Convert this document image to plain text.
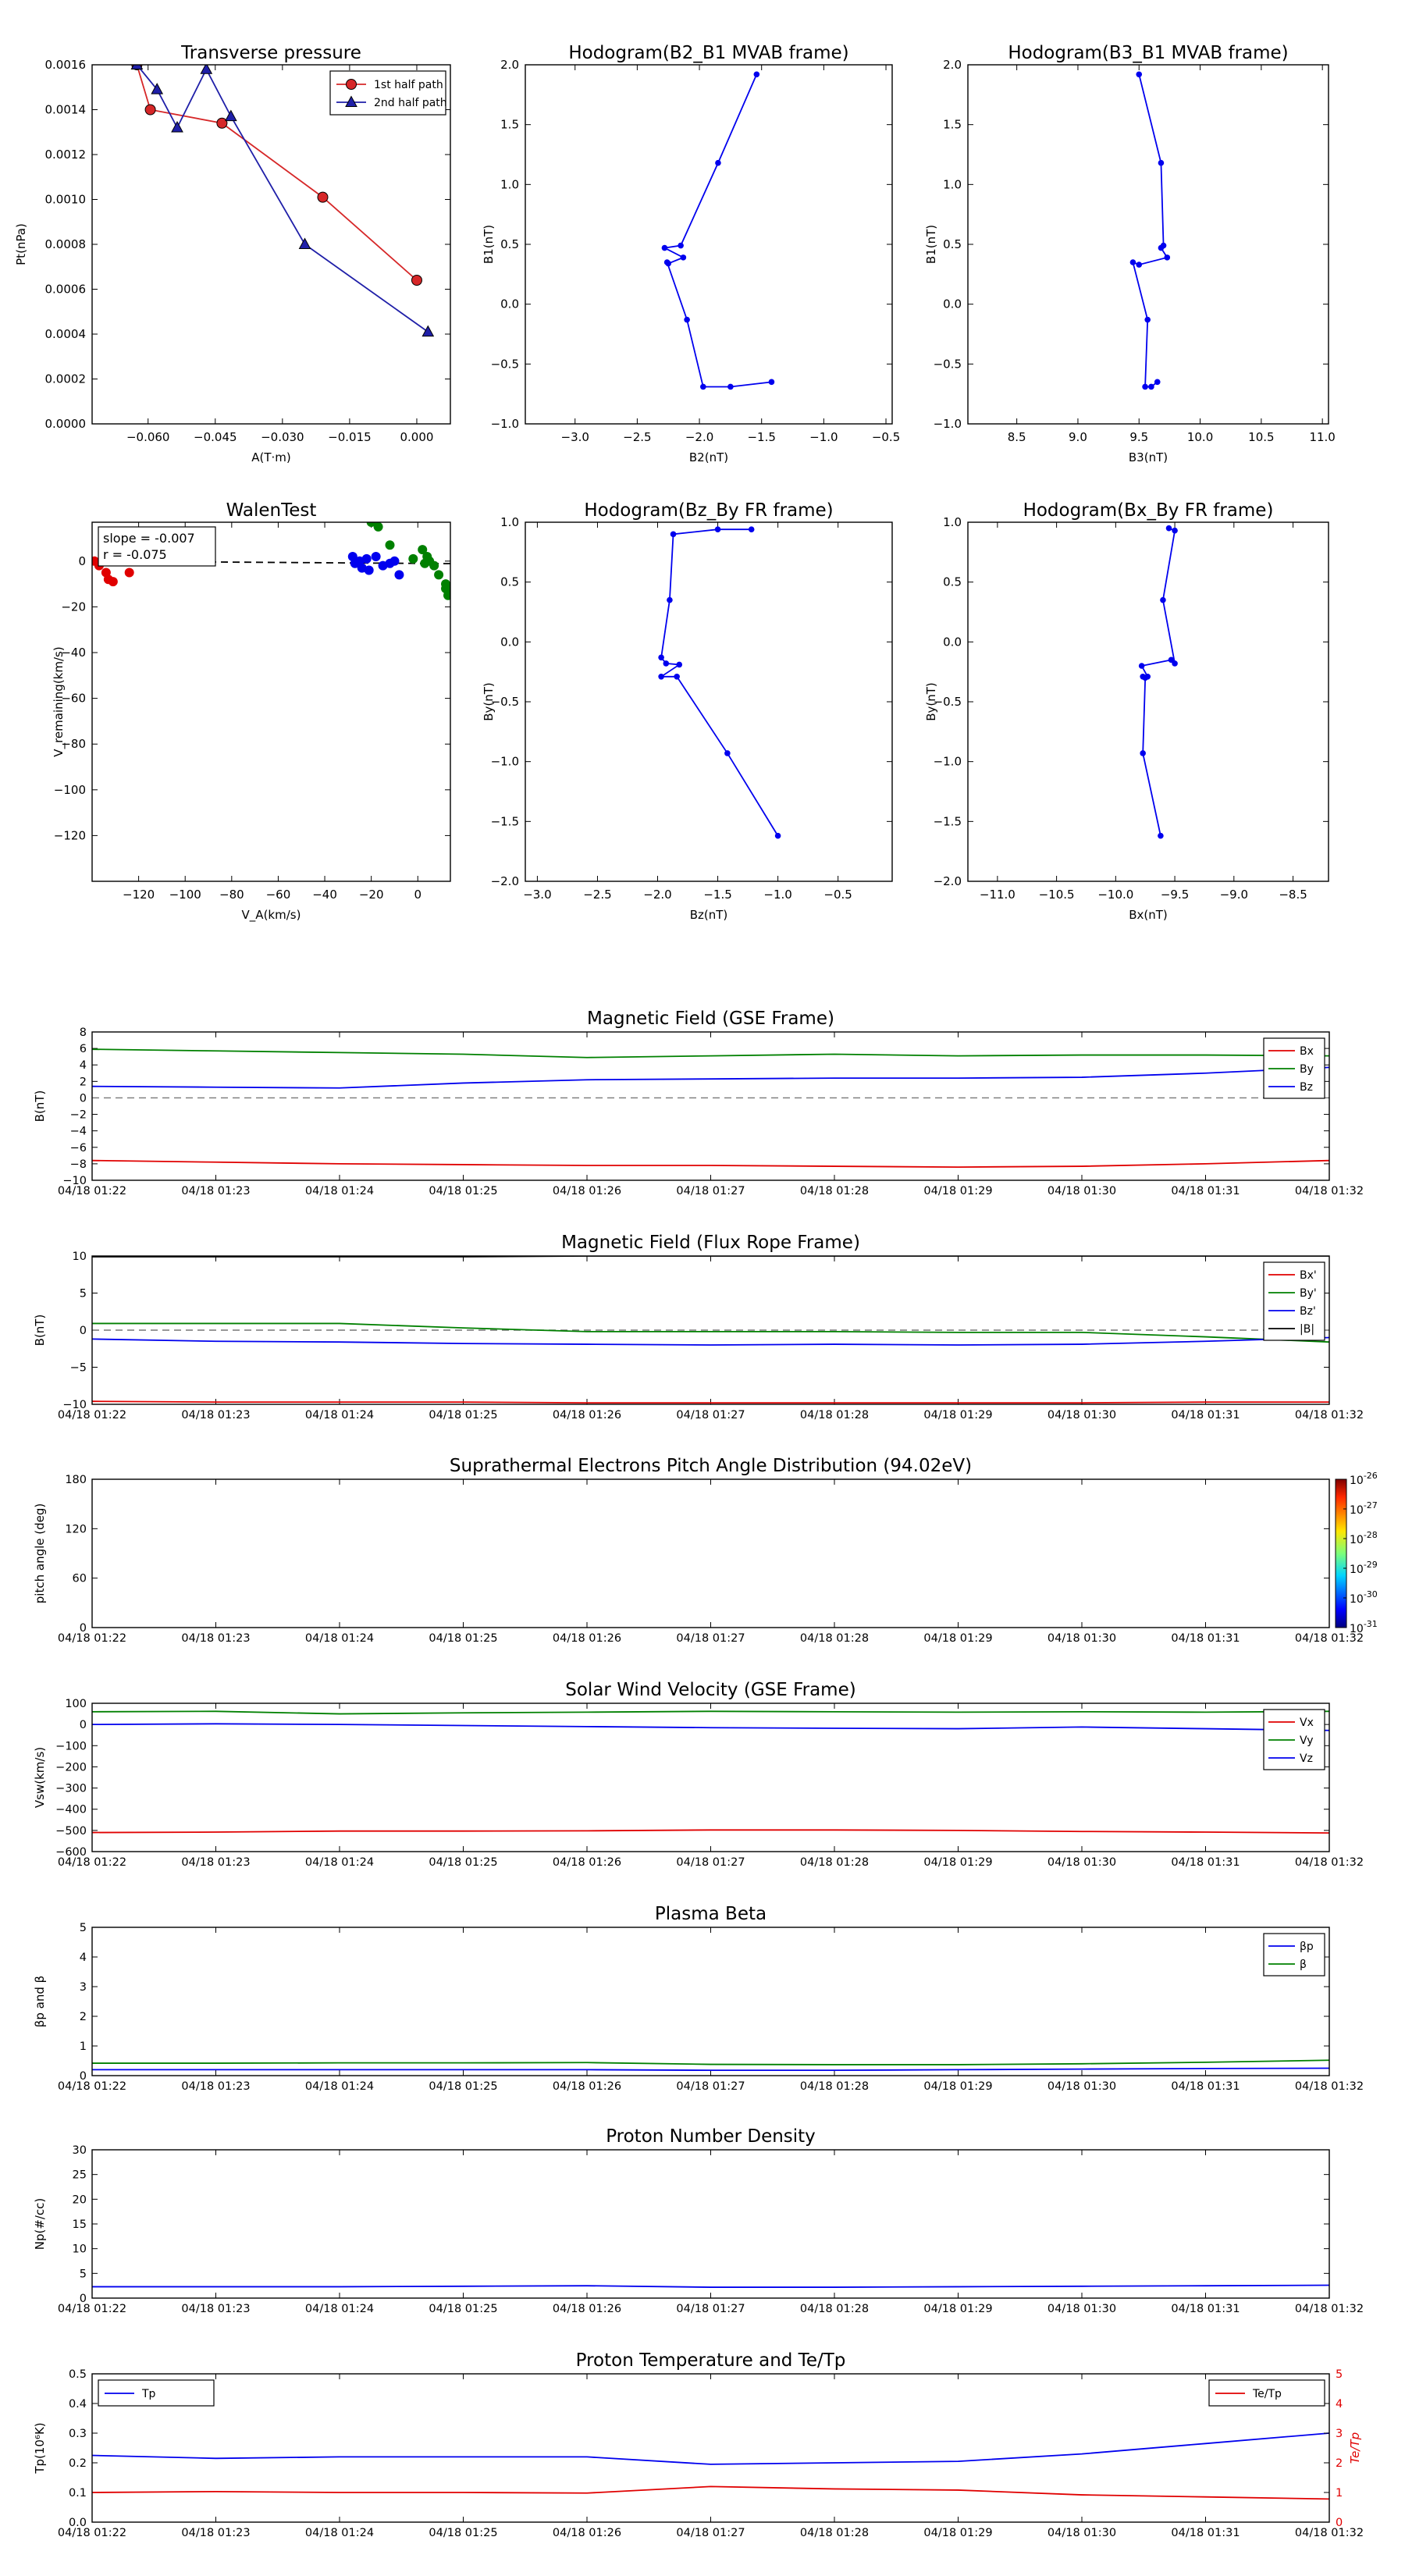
−0.060 −0.045 −0.030 −0.015 0.000
0.0000
0.0002
0.0004
0.0006
0.0008
0.0010
0.0012
0.0014
0.0016
Transverse pressure
A(T·m)
Pt(nPa)
1st half path
2nd half path
−3.0	−2.5	−2.0	−1.5	−1.0	−0.5
−1.0
−0.5
0.0
0.5
1.0
1.5
2.0
Hodogram(B2_B1 MVAB frame)
B2(nT)
B1(nT)
8.5	9.0	9.5	10.0	10.5	11.0
−1.0
−0.5
0.0
0.5
1.0
1.5
2.0
Hodogram(B3_B1 MVAB frame)
B3(nT)
B1(nT)
−120 −100 −80 −60 −40 −20	0
−120
−100
−80
−60
−40
−20
0
WalenTest
V_A(km/s)
V_remaining(km/s)
slope = -0.007
r = -0.075
−3.0	−2.5	−2.0	−1.5	−1.0	−0.5
−2.0
−1.5
−1.0
−0.5
0.0
0.5
1.0
Hodogram(Bz_By FR frame)
Bz(nT)
By(nT)
−11.0 −10.5 −10.0 −9.5	−9.0	−8.5
−2.0
−1.5
−1.0
−0.5
0.0
0.5
1.0
Hodogram(Bx_By FR frame)
Bx(nT)
By(nT)
04/18 01:22	04/18 01:23	04/18 01:24	04/18 01:25	04/18 01:26	04/18 01:27	04/18 01:28	04/18 01:29	04/18 01:30	04/18 01:31	04/18 01:32
−10
−8
−6
−4
−2
0
2
4
6
8
Magnetic Field (GSE Frame)
B(nT)
Bx
By
Bz
04/18 01:22	04/18 01:23	04/18 01:24	04/18 01:25	04/18 01:26	04/18 01:27	04/18 01:28	04/18 01:29	04/18 01:30	04/18 01:31	04/18 01:32
−10
−5
0
5
10
Magnetic Field (Flux Rope Frame)
B(nT)
Bx'
By'
Bz'
|B|
04/18 01:22	04/18 01:23	04/18 01:24	04/18 01:25	04/18 01:26	04/18 01:27	04/18 01:28	04/18 01:29	04/18 01:30	04/18 01:31	04/18 01:32
0
60
120
180
Suprathermal Electrons Pitch Angle Distribution (94.02eV)
pitch angle (deg)
$10^{-31}$
$10^{-30}$
$10^{-29}$
$10^{-28}$
$10^{-27}$
$10^{-26}$
04/18 01:22	04/18 01:23	04/18 01:24	04/18 01:25	04/18 01:26	04/18 01:27	04/18 01:28	04/18 01:29	04/18 01:30	04/18 01:31	04/18 01:32
−600
−500
−400
−300
−200
−100
0
100
Solar Wind Velocity (GSE Frame)
Vsw(km/s)
Vx
Vy
Vz
04/18 01:22	04/18 01:23	04/18 01:24	04/18 01:25	04/18 01:26	04/18 01:27	04/18 01:28	04/18 01:29	04/18 01:30	04/18 01:31	04/18 01:32
0
1
2
3
4
5
Plasma Beta
βp and β
βp
β
04/18 01:22	04/18 01:23	04/18 01:24	04/18 01:25	04/18 01:26	04/18 01:27	04/18 01:28	04/18 01:29	04/18 01:30	04/18 01:31	04/18 01:32
0
5
10
15
20
25
30
Proton Number Density
Np(#/cc)
04/18 01:22	04/18 01:23	04/18 01:24	04/18 01:25	04/18 01:26	04/18 01:27	04/18 01:28	04/18 01:29	04/18 01:30	04/18 01:31	04/18 01:32
0.0
0.1
0.2
0.3
0.4
0.5
Proton Temperature and Te/Tp
Tp(10⁶K)
0
1
2
3
4
5
Te/Tp
Tp	Te/Tp
